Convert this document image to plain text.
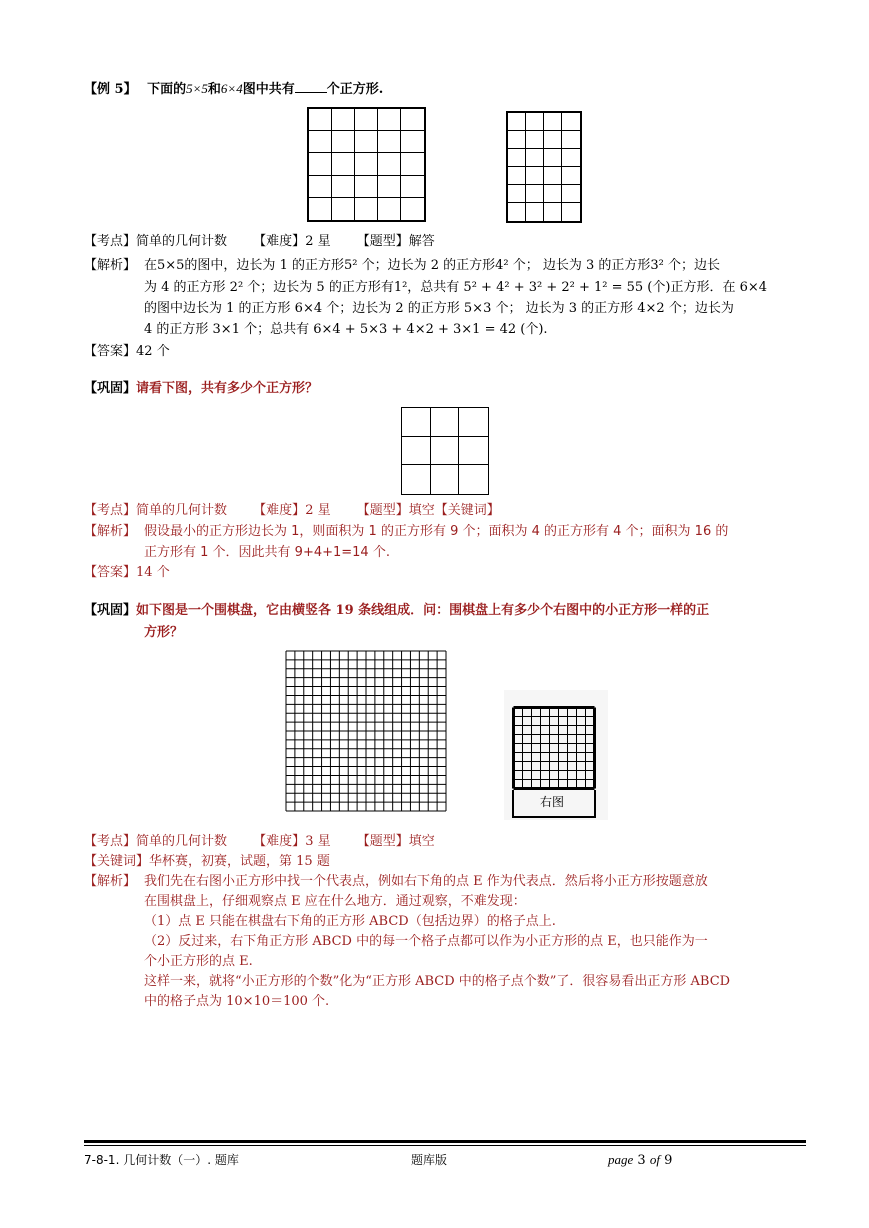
【例 5】 下面的5×5和6×4图中共有 个正方形.
【考点】简单的几何计数 【难度】2 星 【题型】解答
【解析】 在5×5的图中，边长为 1 的正方形5² 个；边长为 2 的正方形4² 个； 边长为 3 的正方形3² 个；边长
为 4 的正方形 2² 个；边长为 5 的正方形有1²，总共有 5² + 4² + 3² + 2² + 1² = 55 (个)正方形．在 6×4
的图中边长为 1 的正方形 6×4 个；边长为 2 的正方形 5×3 个； 边长为 3 的正方形 4×2 个；边长为
4 的正方形 3×1 个；总共有 6×4 + 5×3 + 4×2 + 3×1 = 42 (个).
【答案】42 个
【巩固】请看下图，共有多少个正方形？
【考点】简单的几何计数 【难度】2 星 【题型】填空【关键词】
【解析】 假设最小的正方形边长为 1，则面积为 1 的正方形有 9 个；面积为 4 的正方形有 4 个；面积为 16 的
正方形有 1 个．因此共有 9+4+1=14 个.
【答案】14 个
【巩固】如下图是一个围棋盘，它由横竖各 19 条线组成．问：围棋盘上有多少个右图中的小正方形一样的正
方形？
右图
【考点】简单的几何计数 【难度】3 星 【题型】填空
【关键词】华杯赛，初赛，试题，第 15 题
【解析】 我们先在右图小正方形中找一个代表点，例如右下角的点 E 作为代表点．然后将小正方形按题意放
在围棋盘上，仔细观察点 E 应在什么地方．通过观察，不难发现：
（1）点 E 只能在棋盘右下角的正方形 ABCD（包括边界）的格子点上.
（2）反过来，右下角正方形 ABCD 中的每一个格子点都可以作为小正方形的点 E，也只能作为一
个小正方形的点 E.
这样一来，就将“小正方形的个数”化为“正方形 ABCD 中的格子点个数”了．很容易看出正方形 ABCD
中的格子点为 10×10＝100 个.
7-8-1. 几何计数（一）. 题库	题库版	page 3 of 9
